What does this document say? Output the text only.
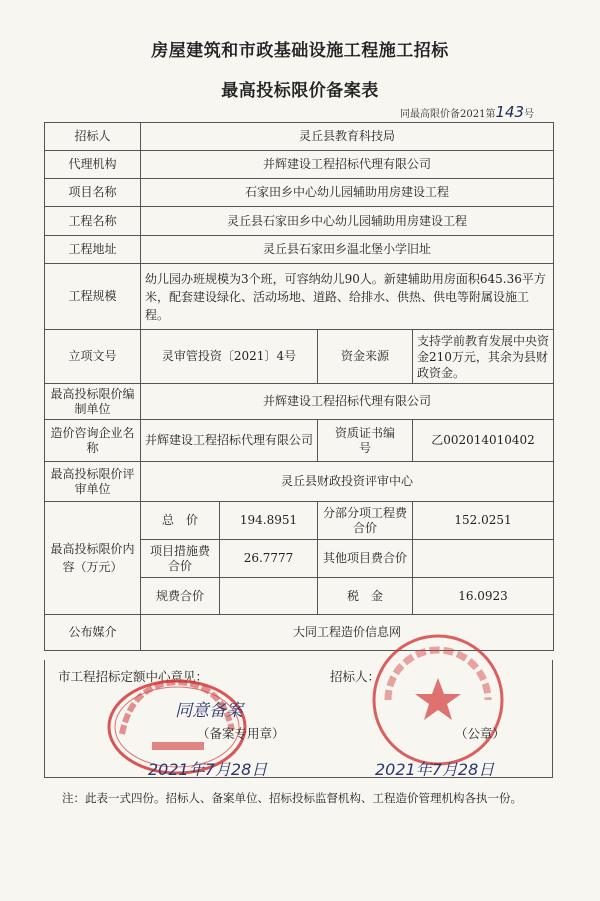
房屋建筑和市政基础设施工程施工招标
最高投标限价备案表
同最高限价备2021第143号
招标人	灵丘县教育科技局			
代理机构	并辉建设工程招标代理有限公司			
项目名称	石家田乡中心幼儿园辅助用房建设工程			
工程名称	灵丘县石家田乡中心幼儿园辅助用房建设工程			
工程地址	灵丘县石家田乡温北堡小学旧址			
工程规模	幼儿园办班规模为3个班，可容纳幼儿90人。新建辅助用房面积645.36平方米，配套建设绿化、活动场地、道路、给排水、供热、供电等附属设施工程。			
立项文号	灵审管投资〔2021〕4号		资金来源	支持学前教育发展中央资金210万元，其余为县财政资金。
最高投标限价编制单位	并辉建设工程招标代理有限公司			
造价咨询企业名称	并辉建设工程招标代理有限公司		资质证书编　　号	乙002014010402
最高投标限价评审单位	灵丘县财政投资评审中心			
最高投标限价内容（万元）	总　价	194.8951	分部分项工程费合价	152.0251
	项目措施费合价	26.7777	其他项目费合价	
	规费合价		税　金	16.0923
公布媒介	大同工程造价信息网			
市工程招标定额中心意见：	招标人：
同意备案
（备案专用章）
2021年7月28日
（公章）
2021年7月28日
注：此表一式四份。招标人、备案单位、招标投标监督机构、工程造价管理机构各执一份。
